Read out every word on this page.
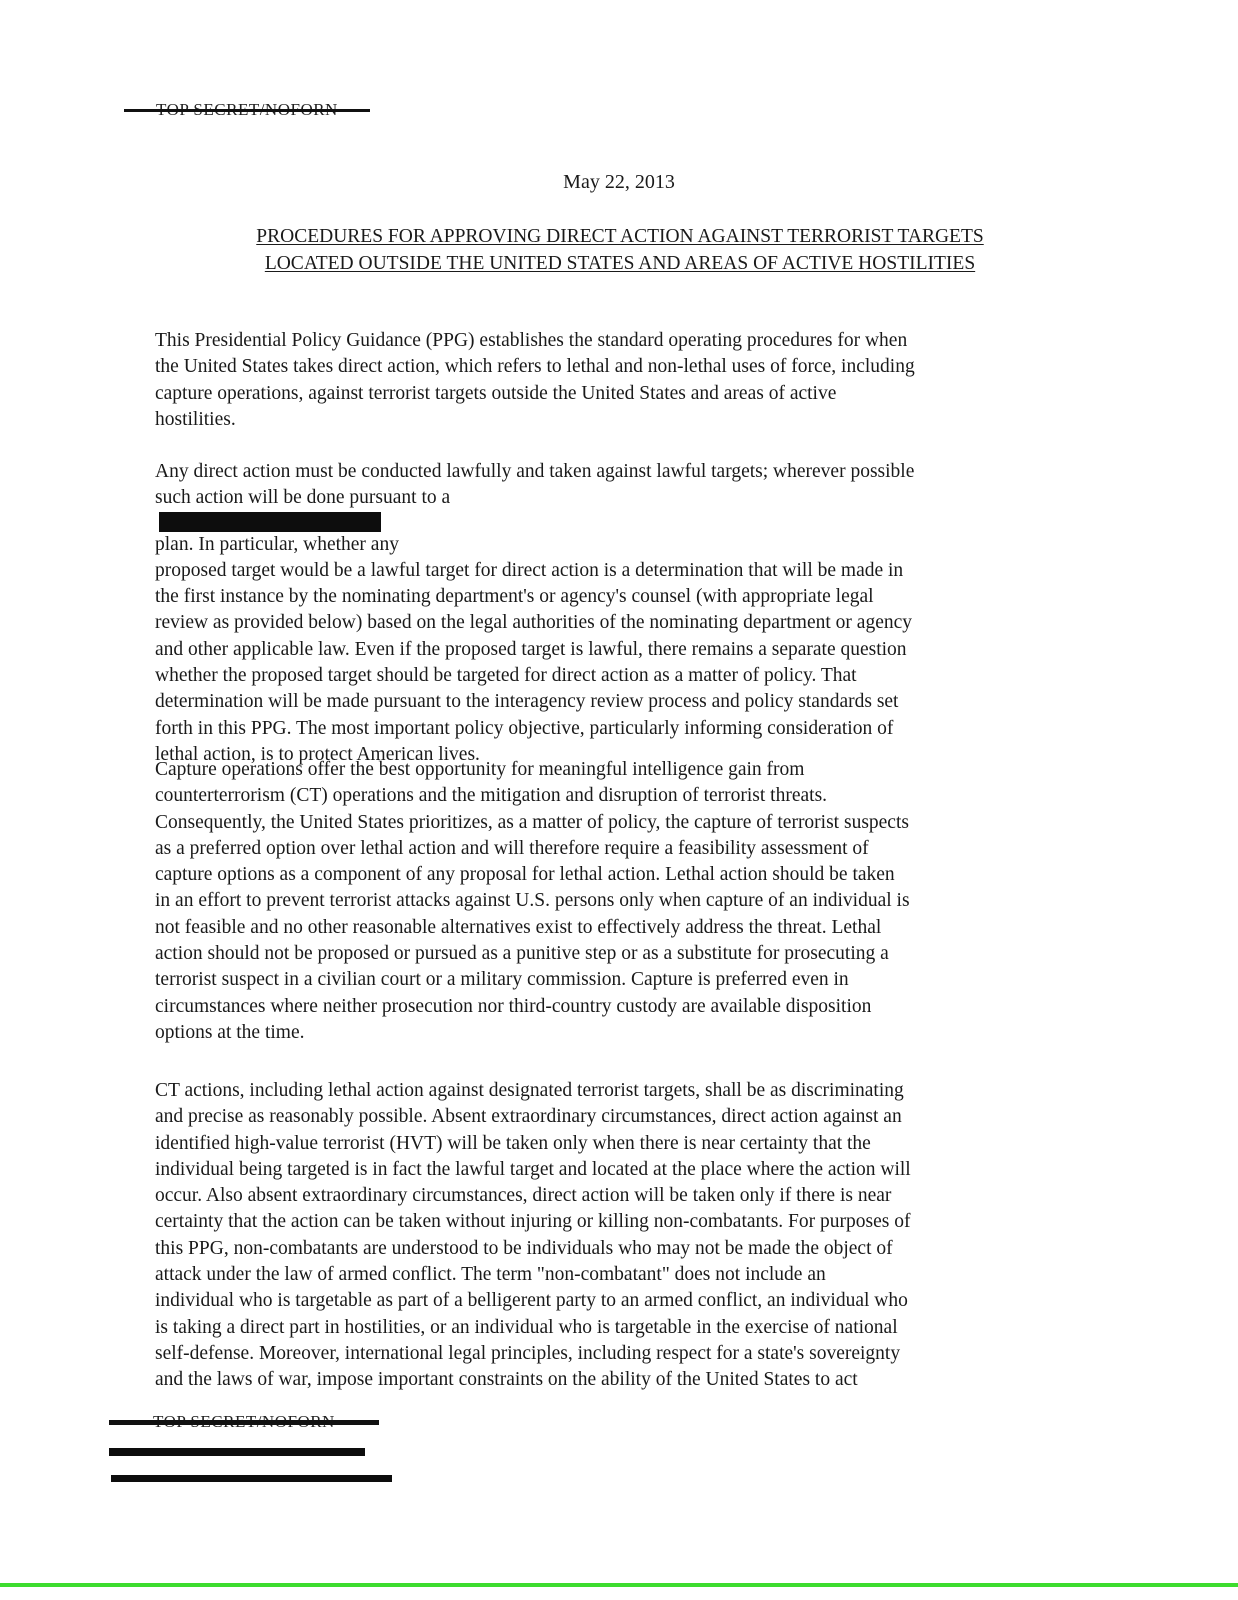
May 22, 2013
PROCEDURES FOR APPROVING DIRECT ACTION AGAINST TERRORIST TARGETS
LOCATED OUTSIDE THE UNITED STATES AND AREAS OF ACTIVE HOSTILITIES
This Presidential Policy Guidance (PPG) establishes the standard operating procedures for when
the United States takes direct action, which refers to lethal and non-lethal uses of force, including
capture operations, against terrorist targets outside the United States and areas of active
hostilities.
Any direct action must be conducted lawfully and taken against lawful targets; wherever possible
such action will be done pursuant to a
plan. In particular, whether any
proposed target would be a lawful target for direct action is a determination that will be made in
the first instance by the nominating department's or agency's counsel (with appropriate legal
review as provided below) based on the legal authorities of the nominating department or agency
and other applicable law. Even if the proposed target is lawful, there remains a separate question
whether the proposed target should be targeted for direct action as a matter of policy. That
determination will be made pursuant to the interagency review process and policy standards set
forth in this PPG. The most important policy objective, particularly informing consideration of
lethal action, is to protect American lives.
Capture operations offer the best opportunity for meaningful intelligence gain from
counterterrorism (CT) operations and the mitigation and disruption of terrorist threats.
Consequently, the United States prioritizes, as a matter of policy, the capture of terrorist suspects
as a preferred option over lethal action and will therefore require a feasibility assessment of
capture options as a component of any proposal for lethal action. Lethal action should be taken
in an effort to prevent terrorist attacks against U.S. persons only when capture of an individual is
not feasible and no other reasonable alternatives exist to effectively address the threat. Lethal
action should not be proposed or pursued as a punitive step or as a substitute for prosecuting a
terrorist suspect in a civilian court or a military commission. Capture is preferred even in
circumstances where neither prosecution nor third-country custody are available disposition
options at the time.
CT actions, including lethal action against designated terrorist targets, shall be as discriminating
and precise as reasonably possible. Absent extraordinary circumstances, direct action against an
identified high-value terrorist (HVT) will be taken only when there is near certainty that the
individual being targeted is in fact the lawful target and located at the place where the action will
occur. Also absent extraordinary circumstances, direct action will be taken only if there is near
certainty that the action can be taken without injuring or killing non-combatants. For purposes of
this PPG, non-combatants are understood to be individuals who may not be made the object of
attack under the law of armed conflict. The term "non-combatant" does not include an
individual who is targetable as part of a belligerent party to an armed conflict, an individual who
is taking a direct part in hostilities, or an individual who is targetable in the exercise of national
self-defense. Moreover, international legal principles, including respect for a state's sovereignty
and the laws of war, impose important constraints on the ability of the United States to act
